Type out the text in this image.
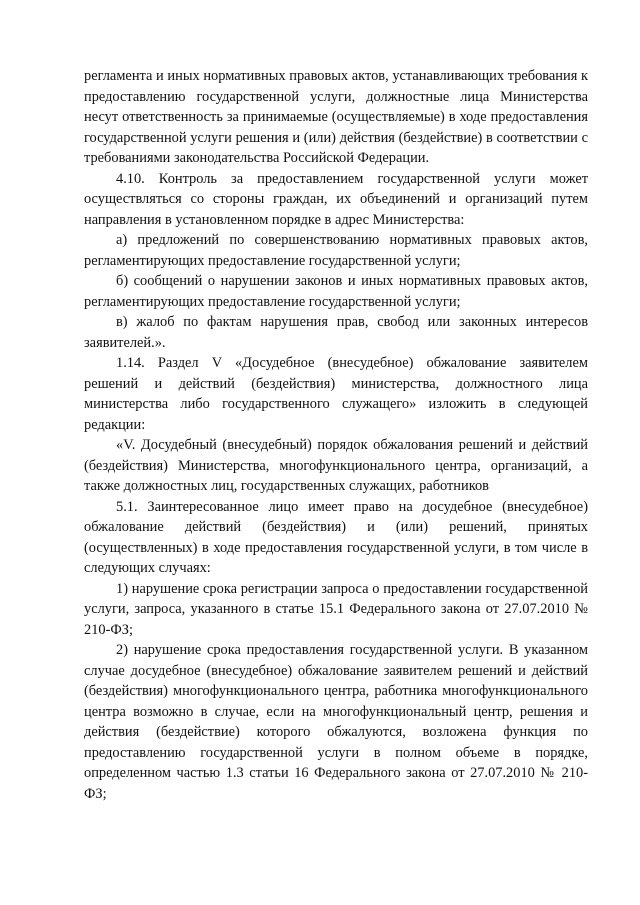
регламента и иных нормативных правовых актов, устанавливающих требования к предоставлению государственной услуги, должностные лица Министерства несут ответственность за принимаемые (осуществляемые) в ходе предоставления государственной услуги решения и (или) действия (бездействие) в соответствии с требованиями законодательства Российской Федерации.

4.10. Контроль за предоставлением государственной услуги может осуществляться со стороны граждан, их объединений и организаций путем направления в установленном порядке в адрес Министерства:

а) предложений по совершенствованию нормативных правовых актов, регламентирующих предоставление государственной услуги;

б) сообщений о нарушении законов и иных нормативных правовых актов, регламентирующих предоставление государственной услуги;

в) жалоб по фактам нарушения прав, свобод или законных интересов заявителей.».

1.14. Раздел V «Досудебное (внесудебное) обжалование заявителем решений и действий (бездействия) министерства, должностного лица министерства либо государственного служащего» изложить в следующей редакции:

«V. Досудебный (внесудебный) порядок обжалования решений и действий (бездействия) Министерства, многофункционального центра, организаций, а также должностных лиц, государственных служащих, работников

5.1. Заинтересованное лицо имеет право на досудебное (внесудебное) обжалование действий (бездействия) и (или) решений, принятых (осуществленных) в ходе предоставления государственной услуги, в том числе в следующих случаях:

1) нарушение срока регистрации запроса о предоставлении государственной услуги, запроса, указанного в статье 15.1 Федерального закона от 27.07.2010 № 210-ФЗ;

2) нарушение срока предоставления государственной услуги. В указанном случае досудебное (внесудебное) обжалование заявителем решений и действий (бездействия) многофункционального центра, работника многофункционального центра возможно в случае, если на многофункциональный центр, решения и действия (бездействие) которого обжалуются, возложена функция по предоставлению государственной услуги в полном объеме в порядке, определенном частью 1.3 статьи 16 Федерального закона от 27.07.2010 № 210-ФЗ;
